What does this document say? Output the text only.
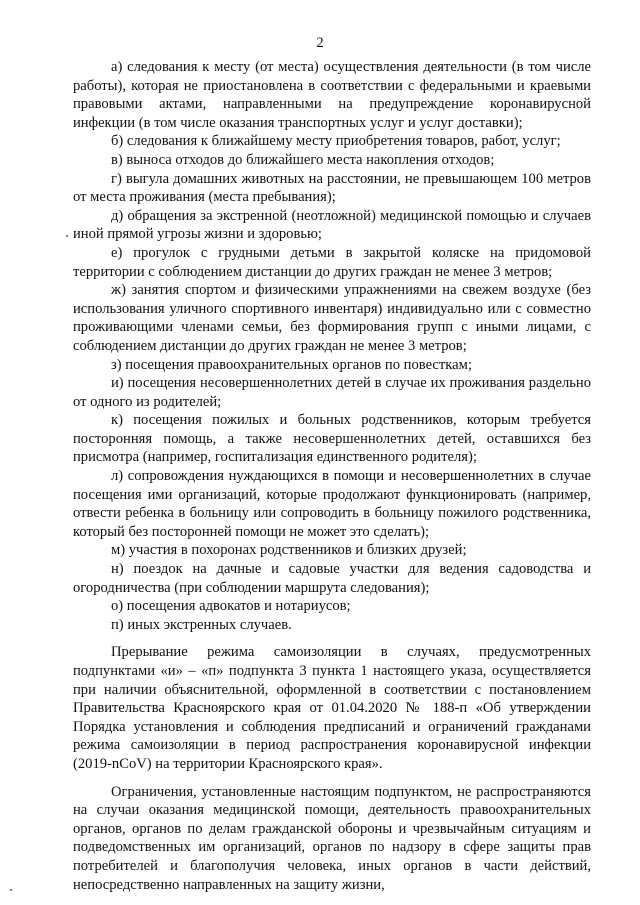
2

а) следования к месту (от места) осуществления деятельности (в том числе работы), которая не приостановлена в соответствии с федеральными и краевыми правовыми актами, направленными на предупреждение коронавирусной инфекции (в том числе оказания транспортных услуг и услуг доставки);

б) следования к ближайшему месту приобретения товаров, работ, услуг;

в) выноса отходов до ближайшего места накопления отходов;

г) выгула домашних животных на расстоянии, не превышающем 100 метров от места проживания (места пребывания);

д) обращения за экстренной (неотложной) медицинской помощью и случаев иной прямой угрозы жизни и здоровью;

е) прогулок с грудными детьми в закрытой коляске на придомовой территории с соблюдением дистанции до других граждан не менее 3 метров;

ж) занятия спортом и физическими упражнениями на свежем воздухе (без использования уличного спортивного инвентаря) индивидуально или с совместно проживающими членами семьи, без формирования групп с иными лицами, с соблюдением дистанции до других граждан не менее 3 метров;

з) посещения правоохранительных органов по повесткам;

и) посещения несовершеннолетних детей в случае их проживания раздельно от одного из родителей;

к) посещения пожилых и больных родственников, которым требуется посторонняя помощь, а также несовершеннолетних детей, оставшихся без присмотра (например, госпитализация единственного родителя);

л) сопровождения нуждающихся в помощи и несовершеннолетних в случае посещения ими организаций, которые продолжают функционировать (например, отвести ребенка в больницу или сопроводить в больницу пожилого родственника, который без посторонней помощи не может это сделать);

м) участия в похоронах родственников и близких друзей;

н) поездок на дачные и садовые участки для ведения садоводства и огородничества (при соблюдении маршрута следования);

о) посещения адвокатов и нотариусов;

п) иных экстренных случаев.

Прерывание режима самоизоляции в случаях, предусмотренных подпунктами «и» – «п» подпункта 3 пункта 1 настоящего указа, осуществляется при наличии объяснительной, оформленной в соответствии с постановлением Правительства Красноярского края от 01.04.2020 № 188-п «Об утверждении Порядка установления и соблюдения предписаний и ограничений гражданами режима самоизоляции в период распространения коронавирусной инфекции (2019-nCoV) на территории Красноярского края».

Ограничения, установленные настоящим подпунктом, не распространяются на случаи оказания медицинской помощи, деятельность правоохранительных органов, органов по делам гражданской обороны и чрезвычайным ситуациям и подведомственных им организаций, органов по надзору в сфере защиты прав потребителей и благополучия человека, иных органов в части действий, непосредственно направленных на защиту жизни,
